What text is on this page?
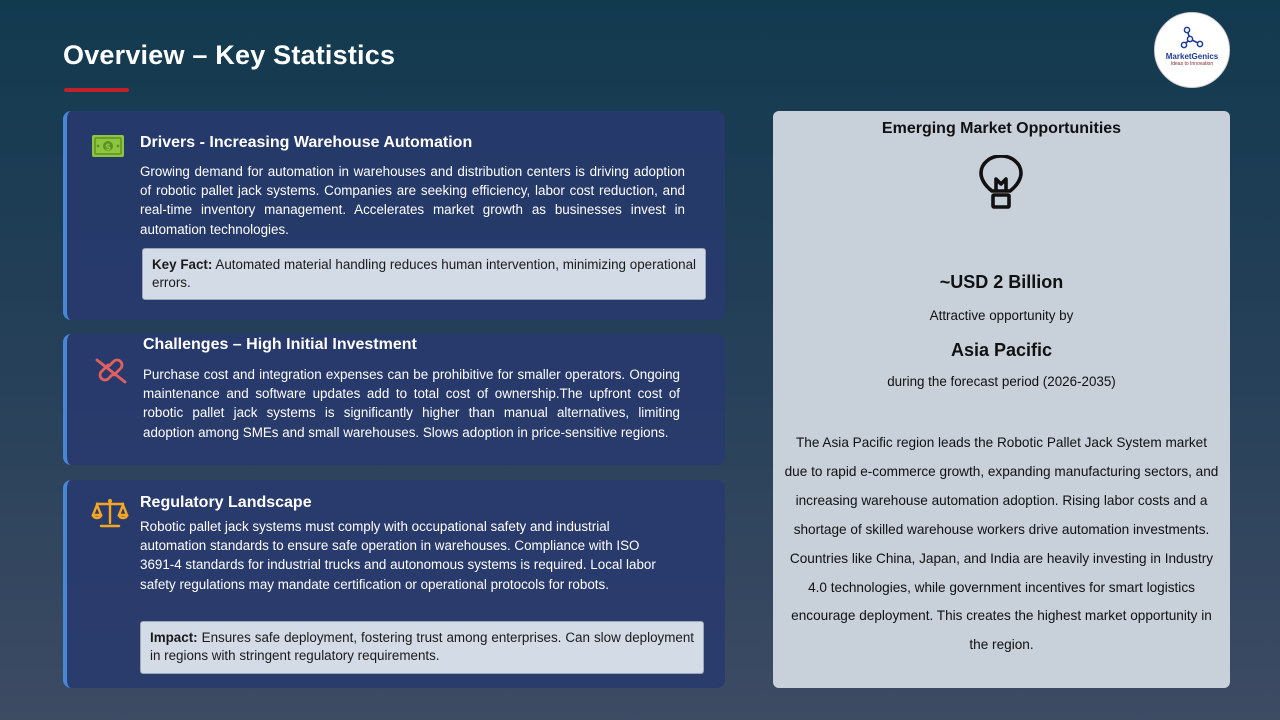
Overview – Key Statistics	MarketGenics
Ideas to Innovation
$ Drivers - Increasing Warehouse Automation
Growing demand for automation in warehouses and distribution centers is driving adoption of robotic pallet jack systems. Companies are seeking efficiency, labor cost reduction, and real-time inventory management. Accelerates market growth as businesses invest in automation technologies.
Key Fact: Automated material handling reduces human intervention, minimizing operational errors.
Challenges – High Initial Investment
Purchase cost and integration expenses can be prohibitive for smaller operators. Ongoing maintenance and software updates add to total cost of ownership.The upfront cost of robotic pallet jack systems is significantly higher than manual alternatives, limiting adoption among SMEs and small warehouses. Slows adoption in price-sensitive regions.
Regulatory Landscape
Robotic pallet jack systems must comply with occupational safety and industrial automation standards to ensure safe operation in warehouses. Compliance with ISO 3691-4 standards for industrial trucks and autonomous systems is required. Local labor safety regulations may mandate certification or operational protocols for robots.
Impact: Ensures safe deployment, fostering trust among enterprises. Can slow deployment in regions with stringent regulatory requirements.
Emerging Market Opportunities
~USD 2 Billion
Attractive opportunity by
Asia Pacific
during the forecast period (2026-2035)
The Asia Pacific region leads the Robotic Pallet Jack System market due to rapid e-commerce growth, expanding manufacturing sectors, and increasing warehouse automation adoption. Rising labor costs and a shortage of skilled warehouse workers drive automation investments. Countries like China, Japan, and India are heavily investing in Industry 4.0 technologies, while government incentives for smart logistics encourage deployment. This creates the highest market opportunity in the region.
